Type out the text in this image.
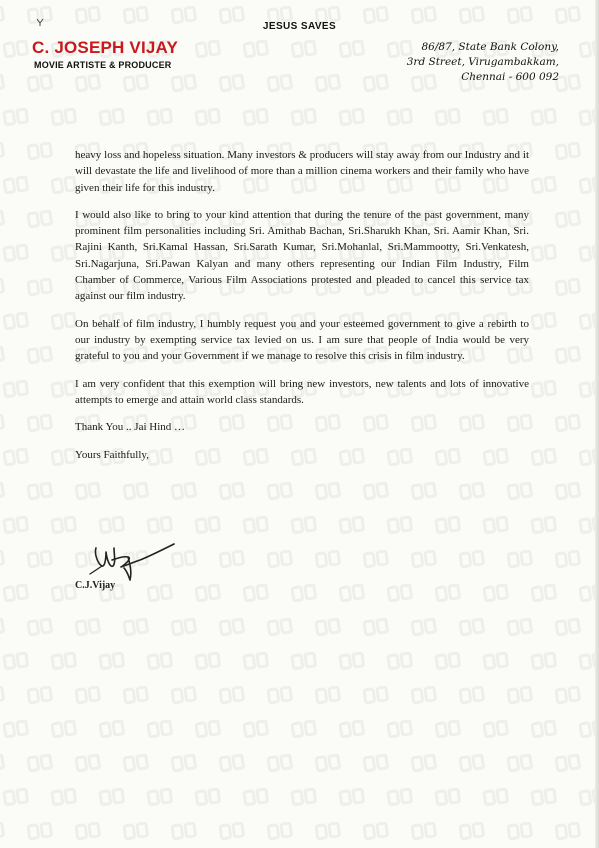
JESUS SAVES
C. JOSEPH VIJAY
MOVIE ARTISTE & PRODUCER
86/87, State Bank Colony,
3rd Street, Virugambakkam,
Chennai - 600 092

heavy loss and hopeless situation. Many investors & producers will stay away from our Industry and it will devastate the life and livelihood of more than a million cinema workers and their family who have given their life for this industry.

I would also like to bring to your kind attention that during the tenure of the past government, many prominent film personalities including Sri. Amithab Bachan, Sri.Sharukh Khan, Sri. Aamir Khan, Sri. Rajini Kanth, Sri.Kamal Hassan, Sri.Sarath Kumar, Sri.Mohanlal, Sri.Mammootty, Sri.Venkatesh, Sri.Nagarjuna, Sri.Pawan Kalyan and many others representing our Indian Film Industry, Film Chamber of Commerce, Various Film Associations protested and pleaded to cancel this service tax against our film industry.

On behalf of film industry, I humbly request you and your esteemed government to give a rebirth to our industry by exempting service tax levied on us. I am sure that people of India would be very grateful to you and your Government if we manage to resolve this crisis in film industry.

I am very confident that this exemption will bring new investors, new talents and lots of innovative attempts to emerge and attain world class standards.

Thank You .. Jai Hind …
Yours Faithfully,
C.J.Vijay
